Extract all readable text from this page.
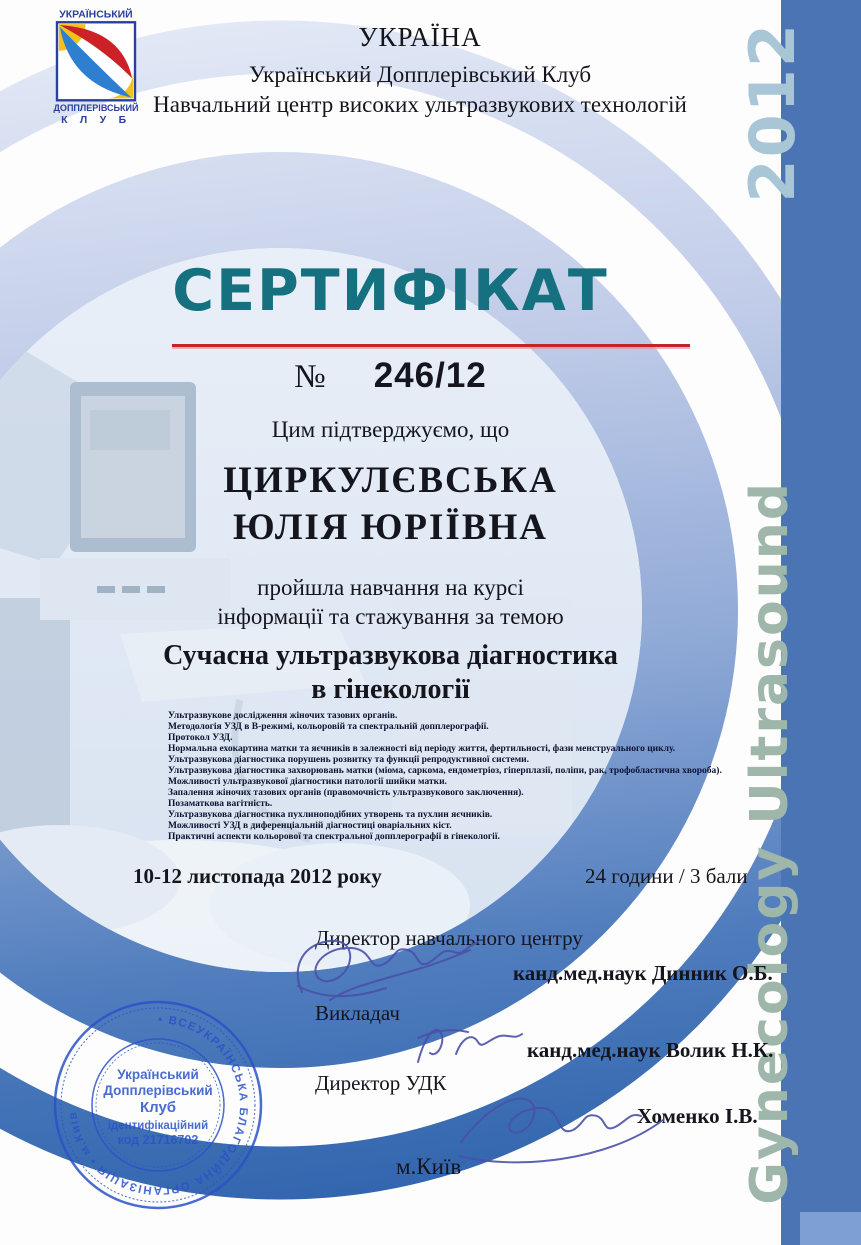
2012
Gynecology Ultrasound
УКРАЇНСЬКИЙ
ДОППЛЕРІВСЬКИЙ
К Л У Б
УКРАЇНА
Український Допплерівський Клуб
Навчальний центр високих ультразвукових технологій
СЕРТИФІКАТ
№ 246/12
Цим підтверджуємо, що
ЦИРКУЛЄВСЬКА
ЮЛІЯ ЮРІЇВНА
пройшла навчання на курсі
інформації та стажування за темою
Сучасна ультразвукова діагностика
в гінекології
Ультразвукове дослідження жіночих тазових органів.
Методологія УЗД в В-режимі, кольоровій та спектральній допплерографії.
Протокол УЗД.
Нормальна ехокартина матки та яєчників в залежності від періоду життя, фертильності, фази менструального циклу.
Ультразвукова діагностика порушень розвитку та функції репродуктивної системи.
Ультразвукова діагностика захворювань матки (міома, саркома, ендометріоз, гіперплазії, поліпи, рак, трофобластична хвороба).
Можливості ультразвукової діагностики патології шийки матки.
Запалення жіночих тазових органів (правомочність ультразвукового заключення).
Позаматкова вагітність.
Ультразвукова діагностика пухлиноподібних утворень та пухлин яєчників.
Можливості УЗД в диференціальній діагностиці оваріальних кіст.
Практичні аспекти кольорової та спектральної допплерографії в гінекології.
10-12 листопада 2012 року	24 години / 3 бали
Директор навчального центру
канд.мед.наук Динник О.Б.
Викладач
канд.мед.наук Волик Н.К.
Директор УДК
Хоменко І.В.
м.Київ
• ВСЕУКРАЇНСЬКА БЛАГОДІЙНА ОРГАНІЗАЦІЯ • м.Київ
Український
Допплерівський
Клуб
ідентифікаційний
код 21716702
